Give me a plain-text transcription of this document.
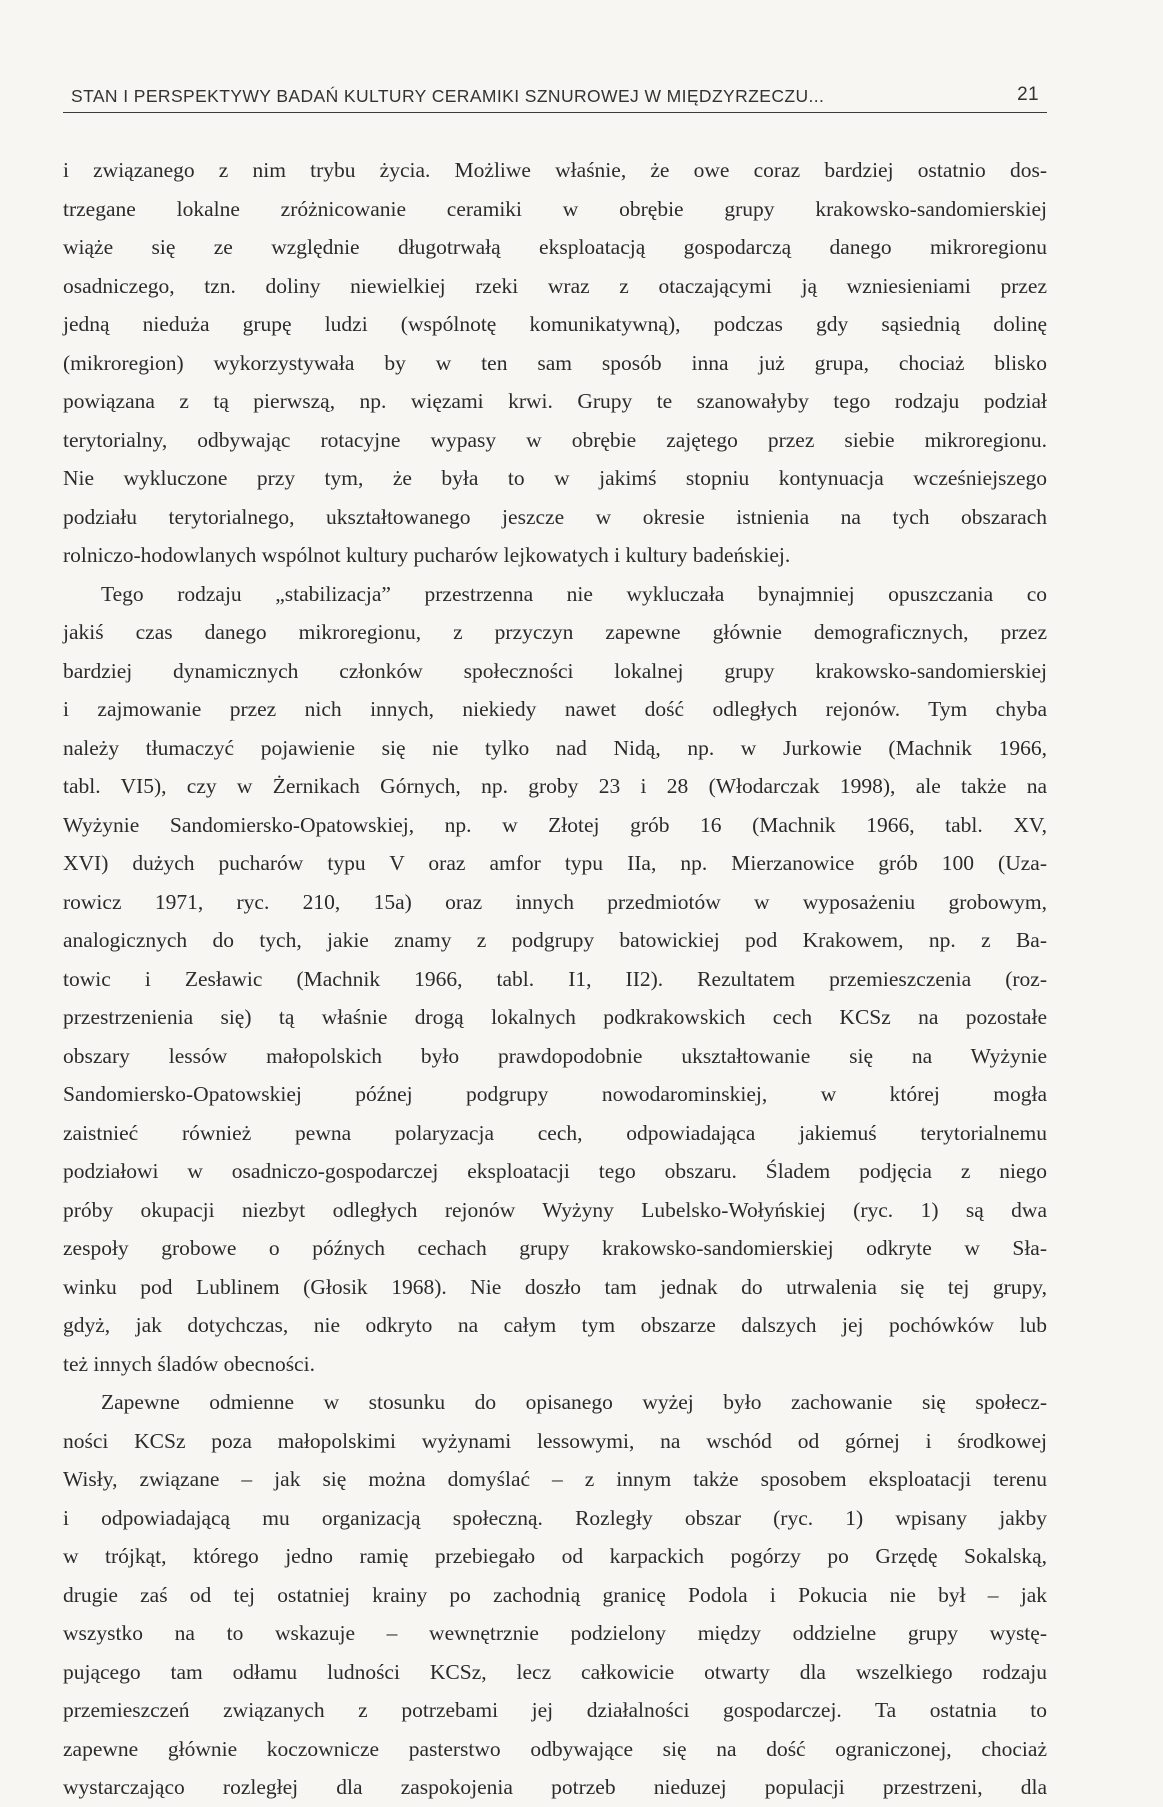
STAN I PERSPEKTYWY BADAŃ KULTURY CERAMIKI SZNUROWEJ W MIĘDZYRZECZU...	21

i związanego z nim trybu życia. Możliwe właśnie, że owe coraz bardziej ostatnio dos-
trzegane lokalne zróżnicowanie ceramiki w obrębie grupy krakowsko-sandomierskiej
wiąże się ze względnie długotrwałą eksploatacją gospodarczą danego mikroregionu
osadniczego, tzn. doliny niewielkiej rzeki wraz z otaczającymi ją wzniesieniami przez
jedną nieduża grupę ludzi (wspólnotę komunikatywną), podczas gdy sąsiednią dolinę
(mikroregion) wykorzystywała by w ten sam sposób inna już grupa, chociaż blisko
powiązana z tą pierwszą, np. więzami krwi. Grupy te szanowałyby tego rodzaju podział
terytorialny, odbywając rotacyjne wypasy w obrębie zajętego przez siebie mikroregionu.
Nie wykluczone przy tym, że była to w jakimś stopniu kontynuacja wcześniejszego
podziału terytorialnego, ukształtowanego jeszcze w okresie istnienia na tych obszarach
rolniczo-hodowlanych wspólnot kultury pucharów lejkowatych i kultury badeńskiej.

Tego rodzaju „stabilizacja” przestrzenna nie wykluczała bynajmniej opuszczania co
jakiś czas danego mikroregionu, z przyczyn zapewne głównie demograficznych, przez
bardziej dynamicznych członków społeczności lokalnej grupy krakowsko-sandomierskiej
i zajmowanie przez nich innych, niekiedy nawet dość odległych rejonów. Tym chyba
należy tłumaczyć pojawienie się nie tylko nad Nidą, np. w Jurkowie (Machnik 1966,
tabl. VI5), czy w Żernikach Górnych, np. groby 23 i 28 (Włodarczak 1998), ale także na
Wyżynie Sandomiersko-Opatowskiej, np. w Złotej grób 16 (Machnik 1966, tabl. XV,
XVI) dużych pucharów typu V oraz amfor typu IIa, np. Mierzanowice grób 100 (Uza-
rowicz 1971, ryc. 210, 15a) oraz innych przedmiotów w wyposażeniu grobowym,
analogicznych do tych, jakie znamy z podgrupy batowickiej pod Krakowem, np. z Ba-
towic i Zesławic (Machnik 1966, tabl. I1, II2). Rezultatem przemieszczenia (roz-
przestrzenienia się) tą właśnie drogą lokalnych podkrakowskich cech KCSz na pozostałe
obszary lessów małopolskich było prawdopodobnie ukształtowanie się na Wyżynie
Sandomiersko-Opatowskiej późnej podgrupy nowodarominskiej, w której mogła
zaistnieć również pewna polaryzacja cech, odpowiadająca jakiemuś terytorialnemu
podziałowi w osadniczo-gospodarczej eksploatacji tego obszaru. Śladem podjęcia z niego
próby okupacji niezbyt odległych rejonów Wyżyny Lubelsko-Wołyńskiej (ryc. 1) są dwa
zespoły grobowe o późnych cechach grupy krakowsko-sandomierskiej odkryte w Sła-
winku pod Lublinem (Głosik 1968). Nie doszło tam jednak do utrwalenia się tej grupy,
gdyż, jak dotychczas, nie odkryto na całym tym obszarze dalszych jej pochówków lub
też innych śladów obecności.

Zapewne odmienne w stosunku do opisanego wyżej było zachowanie się społecz-
ności KCSz poza małopolskimi wyżynami lessowymi, na wschód od górnej i środkowej
Wisły, związane – jak się można domyślać – z innym także sposobem eksploatacji terenu
i odpowiadającą mu organizacją społeczną. Rozległy obszar (ryc. 1) wpisany jakby
w trójkąt, którego jedno ramię przebiegało od karpackich pogórzy po Grzędę Sokalską,
drugie zaś od tej ostatniej krainy po zachodnią granicę Podola i Pokucia nie był – jak
wszystko na to wskazuje – wewnętrznie podzielony między oddzielne grupy wystę-
pującego tam odłamu ludności KCSz, lecz całkowicie otwarty dla wszelkiego rodzaju
przemieszczeń związanych z potrzebami jej działalności gospodarczej. Ta ostatnia to
zapewne głównie koczownicze pasterstwo odbywające się na dość ograniczonej, chociaż
wystarczająco rozległej dla zaspokojenia potrzeb nieduzej populacji przestrzeni, dla
